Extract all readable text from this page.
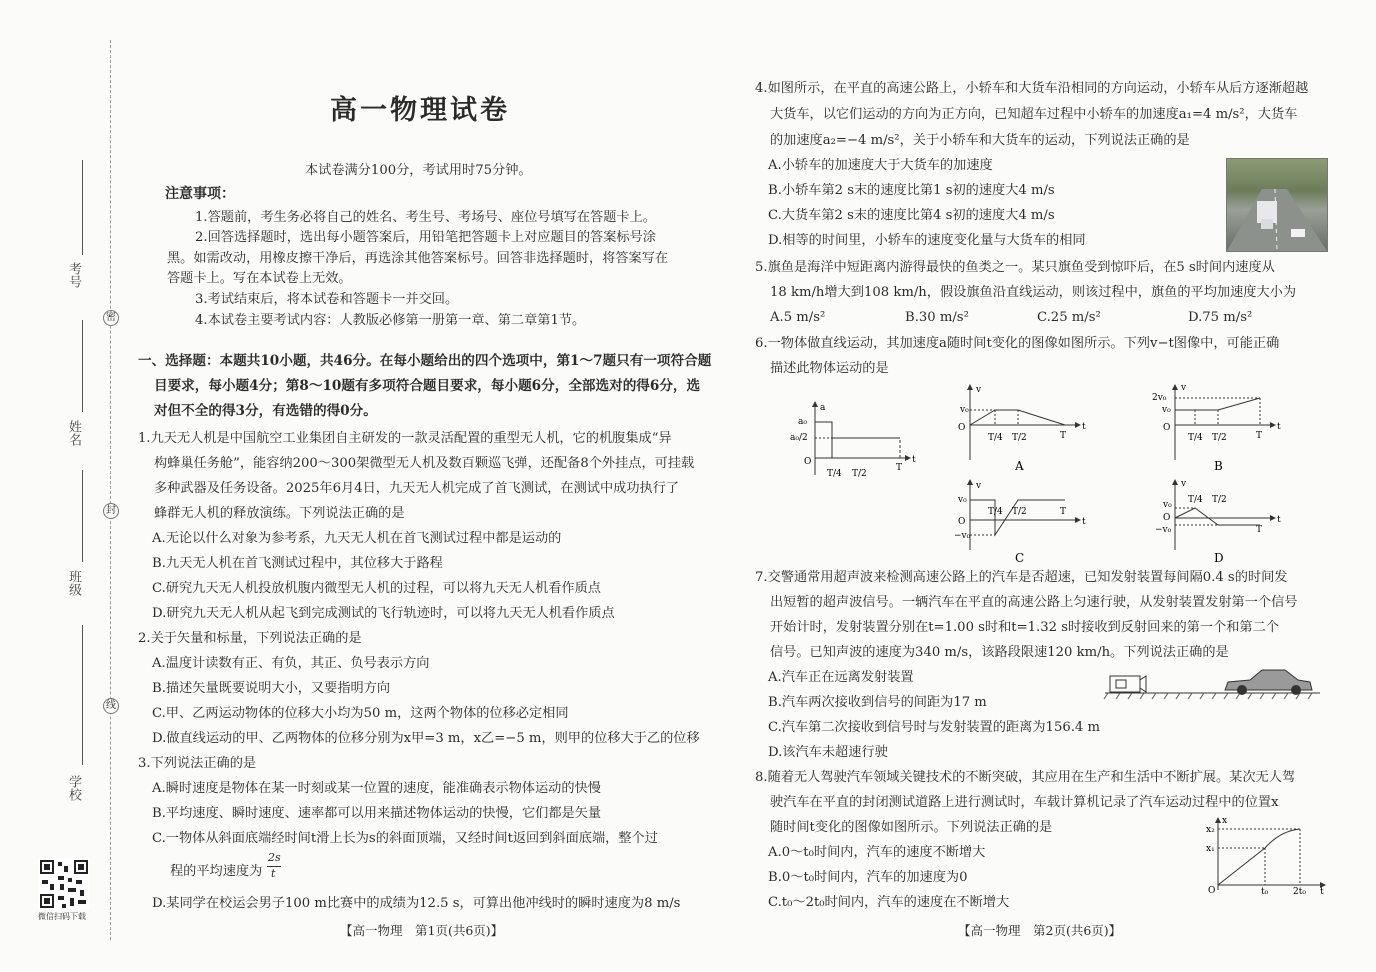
密
封
线
考号
姓名
班级
学校
微信扫码下载
高一物理试卷
本试卷满分100分，考试用时75分钟。
注意事项：
1.答题前，考生务必将自己的姓名、考生号、考场号、座位号填写在答题卡上。
2.回答选择题时，选出每小题答案后，用铅笔把答题卡上对应题目的答案标号涂
黑。如需改动，用橡皮擦干净后，再选涂其他答案标号。回答非选择题时，将答案写在
答题卡上。写在本试卷上无效。
3.考试结束后，将本试卷和答题卡一并交回。
4.本试卷主要考试内容：人教版必修第一册第一章、第二章第1节。
一、选择题：本题共10小题，共46分。在每小题给出的四个选项中，第1～7题只有一项符合题
目要求，每小题4分；第8～10题有多项符合题目要求，每小题6分，全部选对的得6分，选
对但不全的得3分，有选错的得0分。
1.九天无人机是中国航空工业集团自主研发的一款灵活配置的重型无人机，它的机腹集成“异
构蜂巢任务舱”，能容纳200～300架微型无人机及数百颗巡飞弹，还配备8个外挂点，可挂载
多种武器及任务设备。2025年6月4日，九天无人机完成了首飞测试，在测试中成功执行了
蜂群无人机的释放演练。下列说法正确的是
A.无论以什么对象为参考系，九天无人机在首飞测试过程中都是运动的
B.九天无人机在首飞测试过程中，其位移大于路程
C.研究九天无人机投放机腹内微型无人机的过程，可以将九天无人机看作质点
D.研究九天无人机从起飞到完成测试的飞行轨迹时，可以将九天无人机看作质点
2.关于矢量和标量，下列说法正确的是
A.温度计读数有正、有负，其正、负号表示方向
B.描述矢量既要说明大小，又要指明方向
C.甲、乙两运动物体的位移大小均为50 m，这两个物体的位移必定相同
D.做直线运动的甲、乙两物体的位移分别为x甲=3 m，x乙=−5 m，则甲的位移大于乙的位移
3.下列说法正确的是
A.瞬时速度是物体在某一时刻或某一位置的速度，能准确表示物体运动的快慢
B.平均速度、瞬时速度、速率都可以用来描述物体运动的快慢，它们都是矢量
C.一物体从斜面底端经时间t滑上长为s的斜面顶端，又经时间t返回到斜面底端，整个过
程的平均速度为
2s
t
D.某同学在校运会男子100 m比赛中的成绩为12.5 s，可算出他冲线时的瞬时速度为8 m/s
【高一物理　第1页(共6页)】
4.如图所示，在平直的高速公路上，小轿车和大货车沿相同的方向运动，小轿车从后方逐渐超越
大货车，以它们运动的方向为正方向，已知超车过程中小轿车的加速度a₁=4 m/s²，大货车
的加速度a₂=−4 m/s²，关于小轿车和大货车的运动，下列说法正确的是
A.小轿车的加速度大于大货车的加速度
B.小轿车第2 s末的速度比第1 s初的速度大4 m/s
C.大货车第2 s末的速度比第4 s初的速度大4 m/s
D.相等的时间里，小轿车的速度变化量与大货车的相同
5.旗鱼是海洋中短距离内游得最快的鱼类之一。某只旗鱼受到惊吓后，在5 s时间内速度从
18 km/h增大到108 km/h，假设旗鱼沿直线运动，则该过程中，旗鱼的平均加速度大小为
A.5 m/s²	B.30 m/s²	C.25 m/s²	D.75 m/s²
6.一物体做直线运动，其加速度a随时间t变化的图像如图所示。下列v−t图像中，可能正确
描述此物体运动的是
a
a₀
a₀/2
O
T/4 T/2
T
t
v
v₀
O
T/4 T/2	T
t
A
v
2v₀
v₀
O
T/4 T/2	T
t
B
v
v₀
O
−v₀
T/4 T/2	T
t
C
v
v₀
O
−v₀
T/4 T/2
T
t
D
7.交警通常用超声波来检测高速公路上的汽车是否超速，已知发射装置每间隔0.4 s的时间发
出短暂的超声波信号。一辆汽车在平直的高速公路上匀速行驶，从发射装置发射第一个信号
开始计时，发射装置分别在t=1.00 s时和t=1.32 s时接收到反射回来的第一个和第二个
信号。已知声波的速度为340 m/s，该路段限速120 km/h。下列说法正确的是
A.汽车正在远离发射装置
B.汽车两次接收到信号的间距为17 m
C.汽车第二次接收到信号时与发射装置的距离为156.4 m
D.该汽车未超速行驶
8.随着无人驾驶汽车领域关键技术的不断突破，其应用在生产和生活中不断扩展。某次无人驾
驶汽车在平直的封闭测试道路上进行测试时，车载计算机记录了汽车运动过程中的位置x
随时间t变化的图像如图所示。下列说法正确的是
A.0～t₀时间内，汽车的速度不断增大
B.0～t₀时间内，汽车的加速度为0
C.t₀～2t₀时间内，汽车的速度在不断增大
x
x₂
x₁
O	t₀	2t₀ t
【高一物理　第2页(共6页)】
